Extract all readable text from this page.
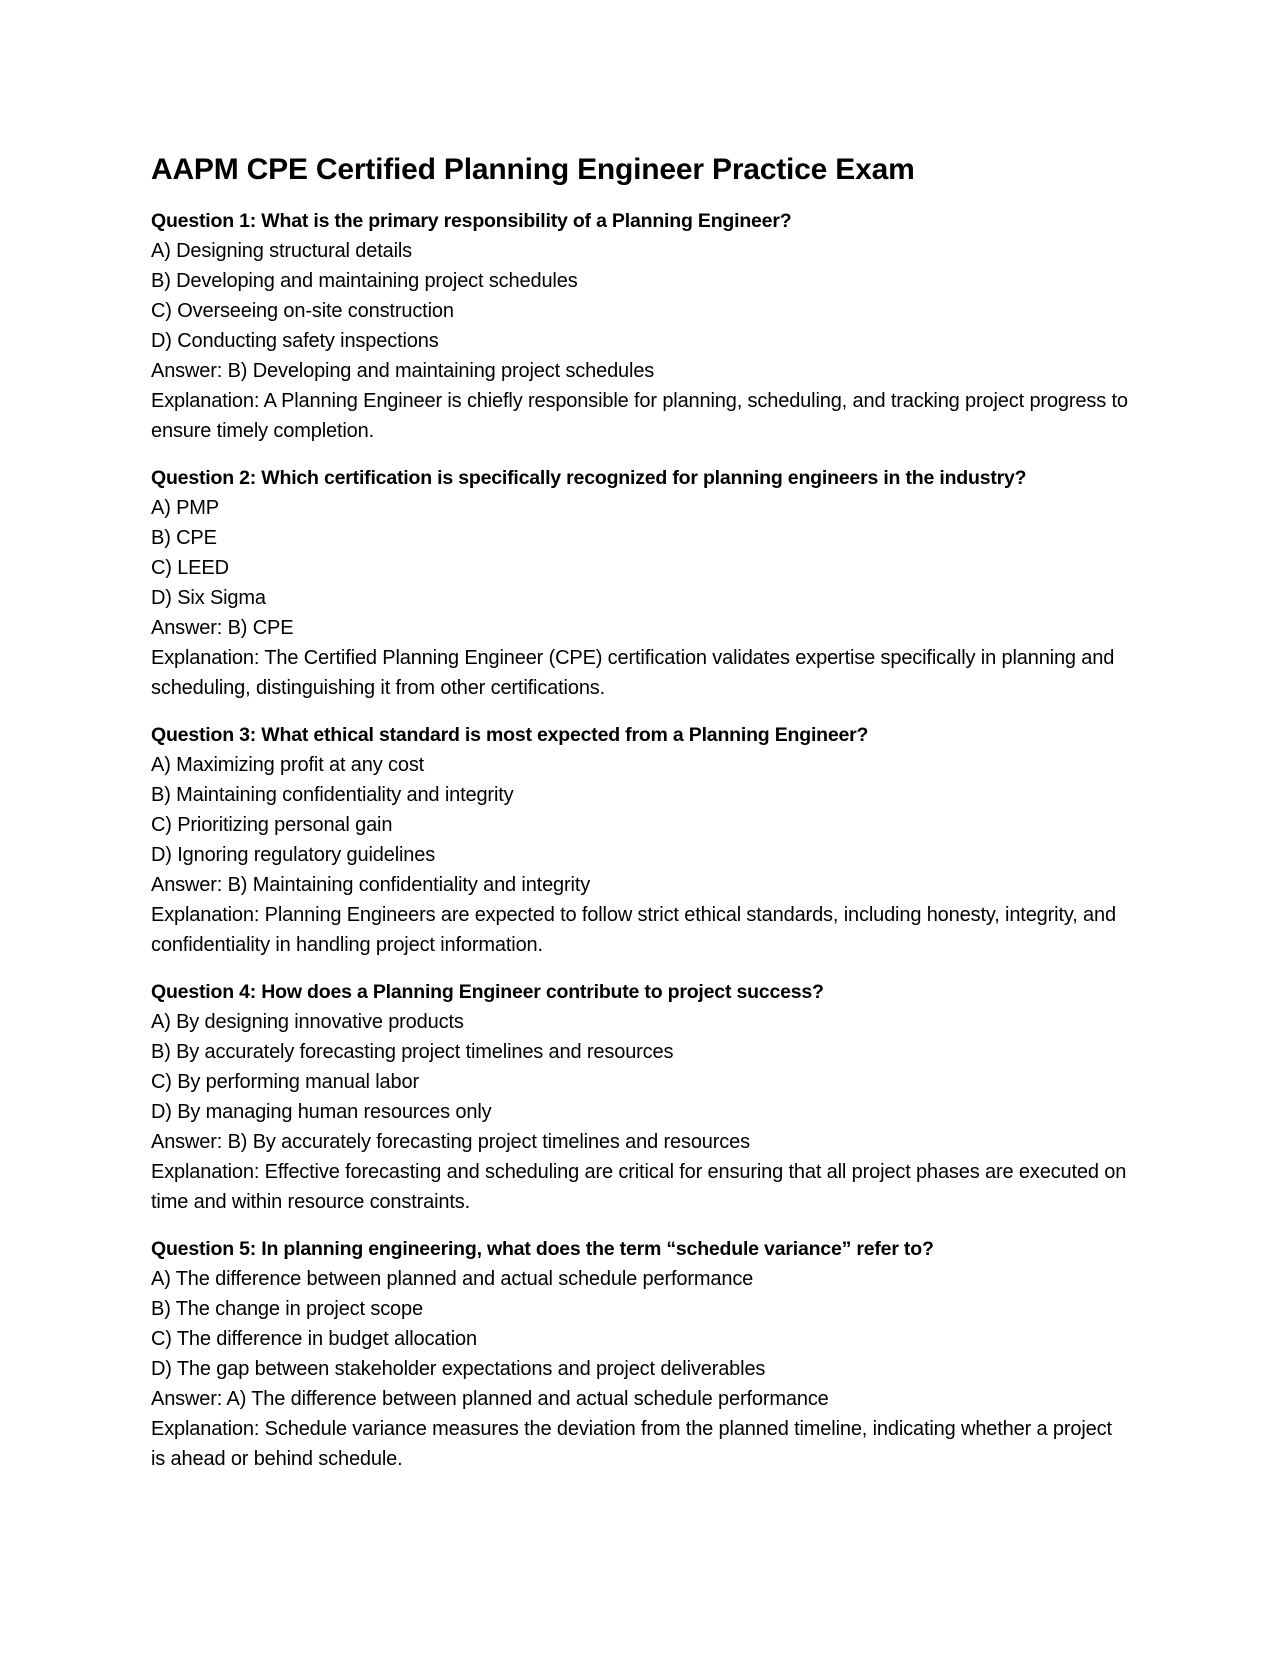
AAPM CPE Certified Planning Engineer Practice Exam
Question 1: What is the primary responsibility of a Planning Engineer?
A) Designing structural details
B) Developing and maintaining project schedules
C) Overseeing on-site construction
D) Conducting safety inspections
Answer: B) Developing and maintaining project schedules
Explanation: A Planning Engineer is chiefly responsible for planning, scheduling, and tracking project progress to ensure timely completion.
Question 2: Which certification is specifically recognized for planning engineers in the industry?
A) PMP
B) CPE
C) LEED
D) Six Sigma
Answer: B) CPE
Explanation: The Certified Planning Engineer (CPE) certification validates expertise specifically in planning and scheduling, distinguishing it from other certifications.
Question 3: What ethical standard is most expected from a Planning Engineer?
A) Maximizing profit at any cost
B) Maintaining confidentiality and integrity
C) Prioritizing personal gain
D) Ignoring regulatory guidelines
Answer: B) Maintaining confidentiality and integrity
Explanation: Planning Engineers are expected to follow strict ethical standards, including honesty, integrity, and confidentiality in handling project information.
Question 4: How does a Planning Engineer contribute to project success?
A) By designing innovative products
B) By accurately forecasting project timelines and resources
C) By performing manual labor
D) By managing human resources only
Answer: B) By accurately forecasting project timelines and resources
Explanation: Effective forecasting and scheduling are critical for ensuring that all project phases are executed on time and within resource constraints.
Question 5: In planning engineering, what does the term “schedule variance” refer to?
A) The difference between planned and actual schedule performance
B) The change in project scope
C) The difference in budget allocation
D) The gap between stakeholder expectations and project deliverables
Answer: A) The difference between planned and actual schedule performance
Explanation: Schedule variance measures the deviation from the planned timeline, indicating whether a project is ahead or behind schedule.
